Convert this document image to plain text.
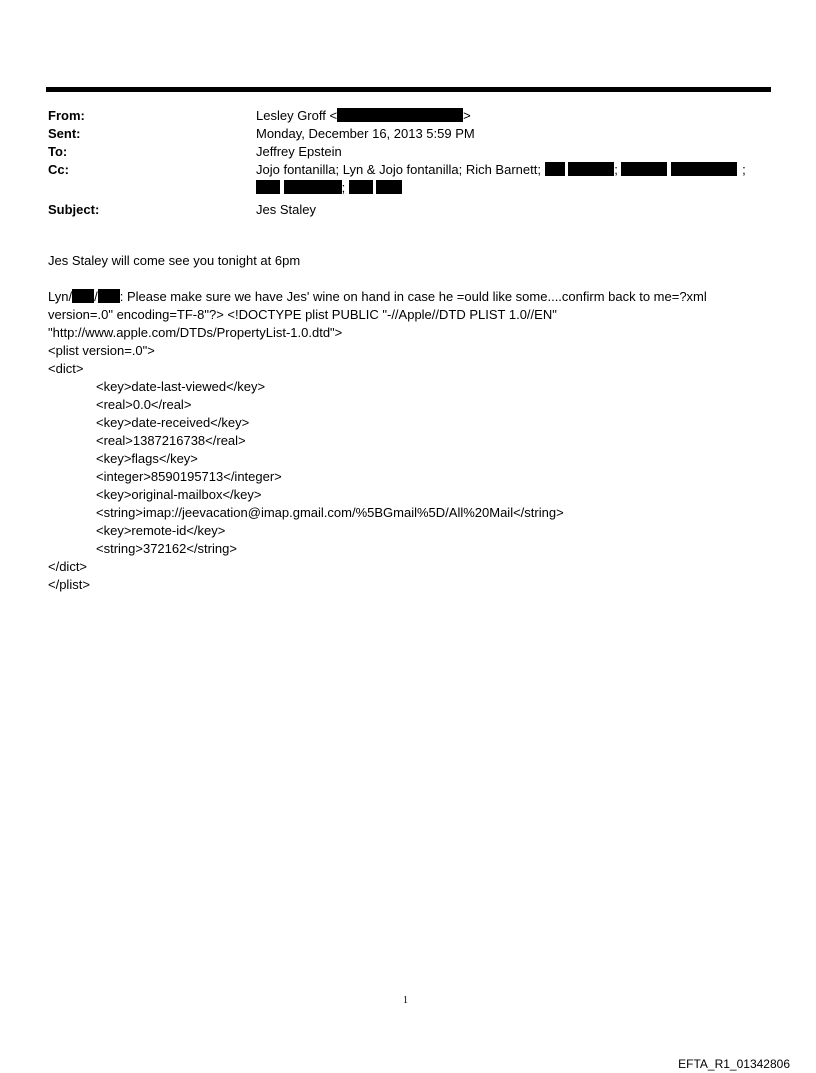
From:	Lesley Groff <	>
Sent:	Monday, December 16, 2013 5:59 PM
To:	Jeffrey Epstein
Cc:	Jojo fontanilla; Lyn & Jojo fontanilla; Rich Barnett;	;	;
;
Subject:	Jes Staley
Jes Staley will come see you tonight at 6pm
Lyn/ / : Please make sure we have Jes' wine on hand in case he =ould like some....confirm back to me=?xml
version=.0" encoding=TF-8"?> <!DOCTYPE plist PUBLIC "-//Apple//DTD PLIST 1.0//EN"
"http://www.apple.com/DTDs/PropertyList-1.0.dtd">
<plist version=.0">
<dict>
<key>date-last-viewed</key>
<real>0.0</real>
<key>date-received</key>
<real>1387216738</real>
<key>flags</key>
<integer>8590195713</integer>
<key>original-mailbox</key>
<string>imap://jeevacation@imap.gmail.com/%5BGmail%5D/All%20Mail</string>
<key>remote-id</key>
<string>372162</string>
</dict>
</plist>
1
EFTA_R1_01342806
